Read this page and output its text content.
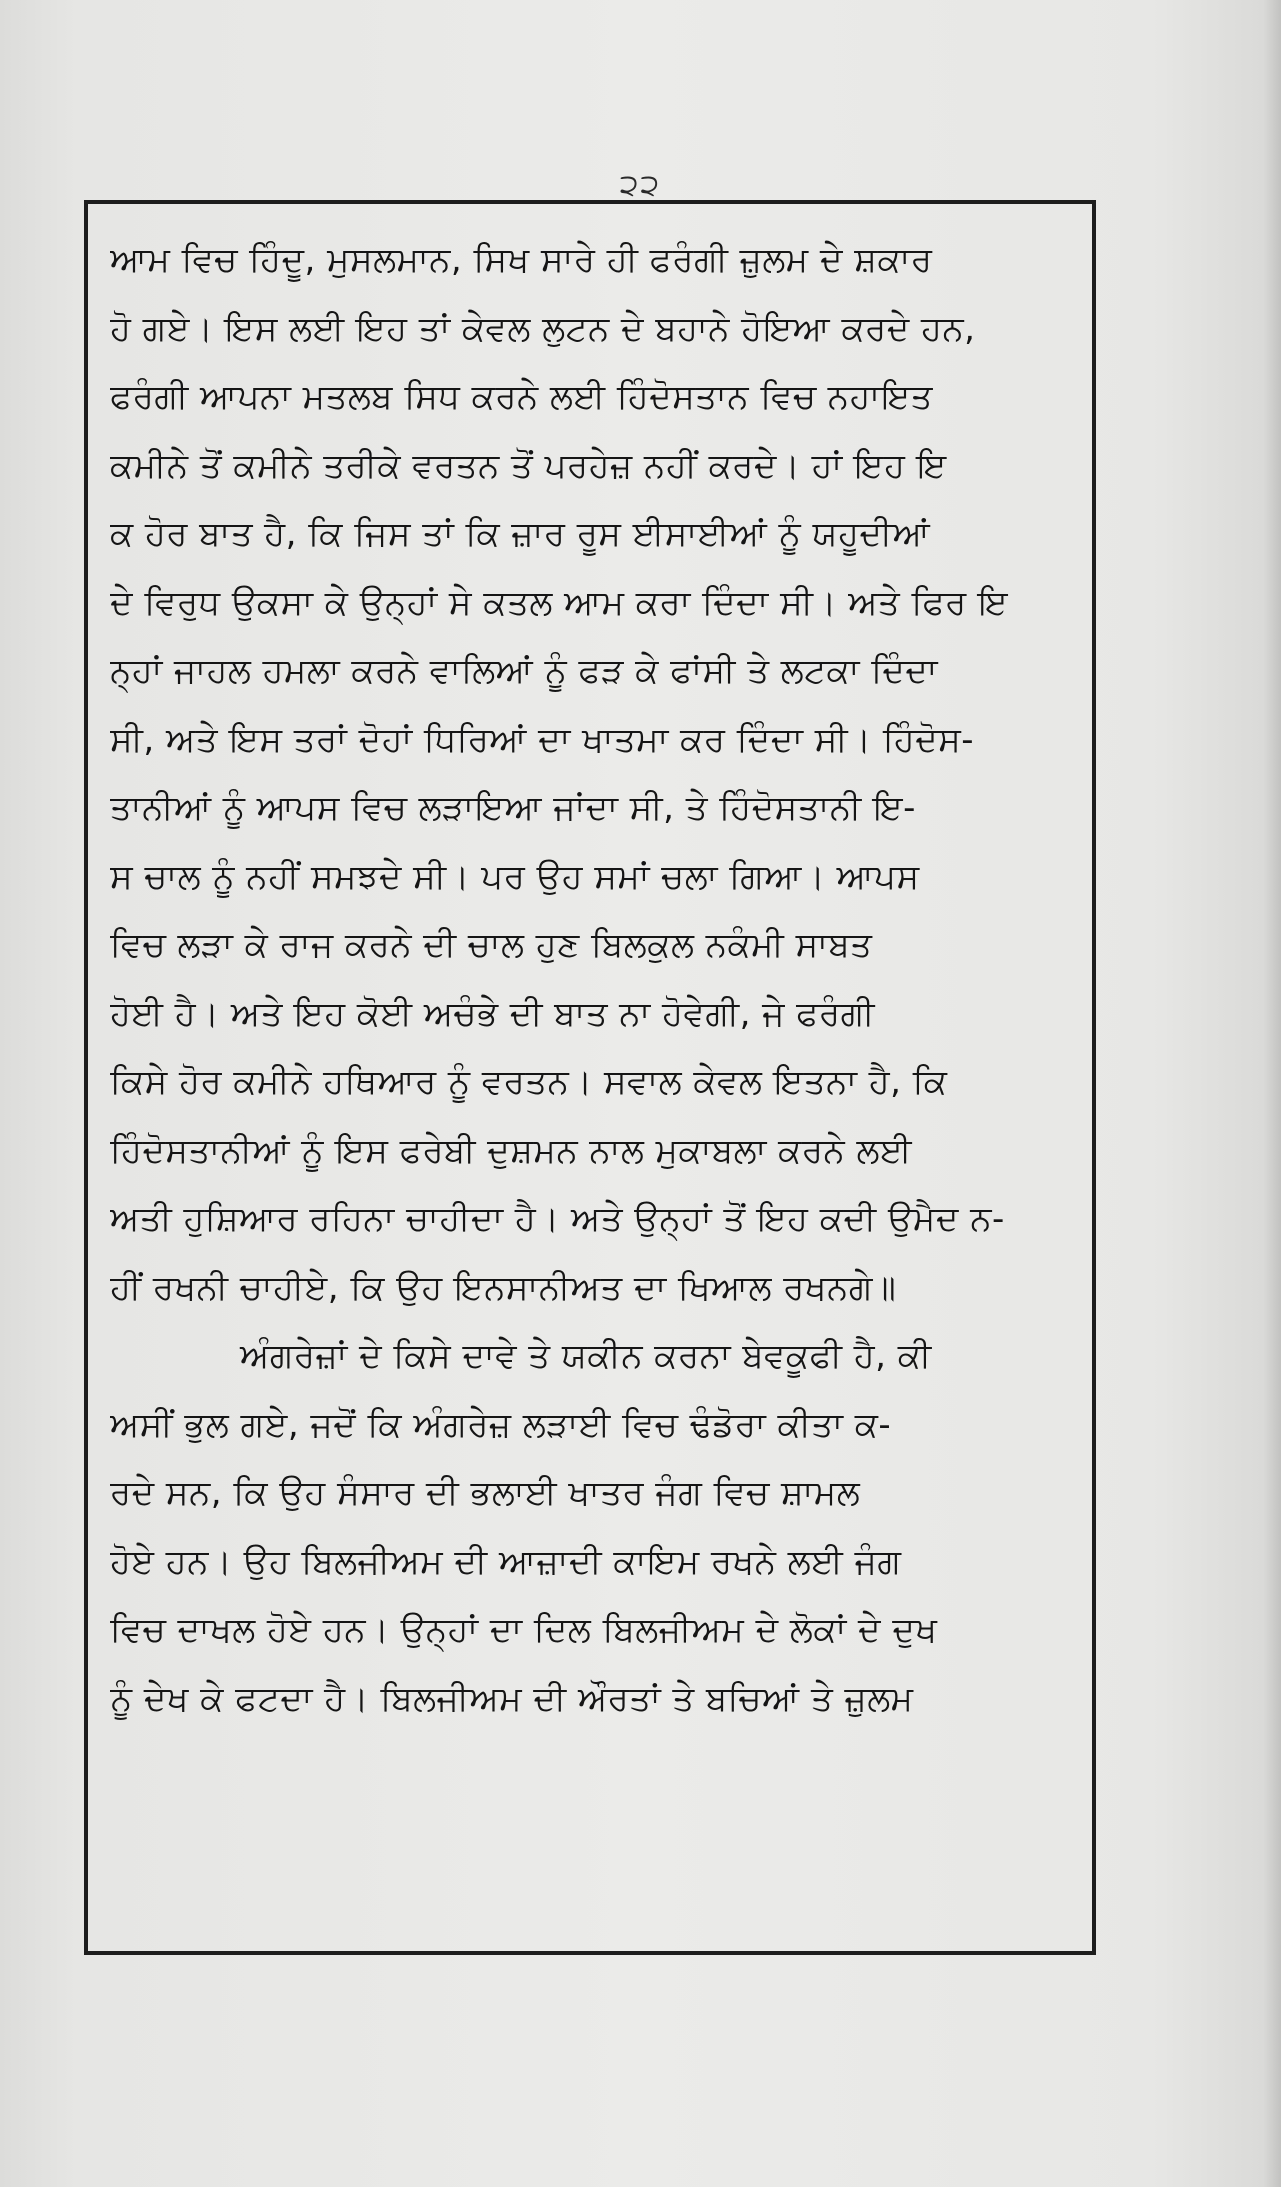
੨੨
ਆਮ ਵਿਚ ਹਿੰਦੂ, ਮੁਸਲਮਾਨ, ਸਿਖ ਸਾਰੇ ਹੀ ਫਰੰਗੀ ਜ਼ੁਲਮ ਦੇ ਸ਼ਕਾਰ
ਹੋ ਗਏ। ਇਸ ਲਈ ਇਹ ਤਾਂ ਕੇਵਲ ਲੁਟਨ ਦੇ ਬਹਾਨੇ ਹੋਇਆ ਕਰਦੇ ਹਨ,
ਫਰੰਗੀ ਆਪਨਾ ਮਤਲਬ ਸਿਧ ਕਰਨੇ ਲਈ ਹਿੰਦੋਸਤਾਨ ਵਿਚ ਨਹਾਇਤ
ਕਮੀਨੇ ਤੋਂ ਕਮੀਨੇ ਤਰੀਕੇ ਵਰਤਨ ਤੋਂ ਪਰਹੇਜ਼ ਨਹੀਂ ਕਰਦੇ। ਹਾਂ ਇਹ ਇ
ਕ ਹੋਰ ਬਾਤ ਹੈ, ਕਿ ਜਿਸ ਤਾਂ ਕਿ ਜ਼ਾਰ ਰੂਸ ਈਸਾਈਆਂ ਨੂੰ ਯਹੂਦੀਆਂ
ਦੇ ਵਿਰੁਧ ਉਕਸਾ ਕੇ ਉਨ੍ਹਾਂ ਸੇ ਕਤਲ ਆਮ ਕਰਾ ਦਿੰਦਾ ਸੀ। ਅਤੇ ਫਿਰ ਇ
ਨ੍ਹਾਂ ਜਾਹਲ ਹਮਲਾ ਕਰਨੇ ਵਾਲਿਆਂ ਨੂੰ ਫੜ ਕੇ ਫਾਂਸੀ ਤੇ ਲਟਕਾ ਦਿੰਦਾ
ਸੀ, ਅਤੇ ਇਸ ਤਰਾਂ ਦੋਹਾਂ ਧਿਰਿਆਂ ਦਾ ਖਾਤਮਾ ਕਰ ਦਿੰਦਾ ਸੀ। ਹਿੰਦੋਸ-
ਤਾਨੀਆਂ ਨੂੰ ਆਪਸ ਵਿਚ ਲੜਾਇਆ ਜਾਂਦਾ ਸੀ, ਤੇ ਹਿੰਦੋਸਤਾਨੀ ਇ-
ਸ ਚਾਲ ਨੂੰ ਨਹੀਂ ਸਮਝਦੇ ਸੀ। ਪਰ ਉਹ ਸਮਾਂ ਚਲਾ ਗਿਆ। ਆਪਸ
ਵਿਚ ਲੜਾ ਕੇ ਰਾਜ ਕਰਨੇ ਦੀ ਚਾਲ ਹੁਣ ਬਿਲਕੁਲ ਨਕੰਮੀ ਸਾਬਤ
ਹੋਈ ਹੈ। ਅਤੇ ਇਹ ਕੋਈ ਅਚੰਭੇ ਦੀ ਬਾਤ ਨਾ ਹੋਵੇਗੀ, ਜੇ ਫਰੰਗੀ
ਕਿਸੇ ਹੋਰ ਕਮੀਨੇ ਹਥਿਆਰ ਨੂੰ ਵਰਤਨ। ਸਵਾਲ ਕੇਵਲ ਇਤਨਾ ਹੈ, ਕਿ
ਹਿੰਦੋਸਤਾਨੀਆਂ ਨੂੰ ਇਸ ਫਰੇਬੀ ਦੁਸ਼ਮਨ ਨਾਲ ਮੁਕਾਬਲਾ ਕਰਨੇ ਲਈ
ਅਤੀ ਹੁਸ਼ਿਆਰ ਰਹਿਨਾ ਚਾਹੀਦਾ ਹੈ। ਅਤੇ ਉਨ੍ਹਾਂ ਤੋਂ ਇਹ ਕਦੀ ਉਮੈਦ ਨ-
ਹੀਂ ਰਖਨੀ ਚਾਹੀਏ, ਕਿ ਉਹ ਇਨਸਾਨੀਅਤ ਦਾ ਖਿਆਲ ਰਖਨਗੇ॥
ਅੰਗਰੇਜ਼ਾਂ ਦੇ ਕਿਸੇ ਦਾਵੇ ਤੇ ਯਕੀਨ ਕਰਨਾ ਬੇਵਕੂਫੀ ਹੈ, ਕੀ
ਅਸੀਂ ਭੁਲ ਗਏ, ਜਦੋਂ ਕਿ ਅੰਗਰੇਜ਼ ਲੜਾਈ ਵਿਚ ਢੰਡੋਰਾ ਕੀਤਾ ਕ-
ਰਦੇ ਸਨ, ਕਿ ਉਹ ਸੰਸਾਰ ਦੀ ਭਲਾਈ ਖਾਤਰ ਜੰਗ ਵਿਚ ਸ਼ਾਮਲ
ਹੋਏ ਹਨ। ਉਹ ਬਿਲਜੀਅਮ ਦੀ ਆਜ਼ਾਦੀ ਕਾਇਮ ਰਖਨੇ ਲਈ ਜੰਗ
ਵਿਚ ਦਾਖਲ ਹੋਏ ਹਨ। ਉਨ੍ਹਾਂ ਦਾ ਦਿਲ ਬਿਲਜੀਅਮ ਦੇ ਲੋਕਾਂ ਦੇ ਦੁਖ
ਨੂੰ ਦੇਖ ਕੇ ਫਟਦਾ ਹੈ। ਬਿਲਜੀਅਮ ਦੀ ਔਰਤਾਂ ਤੇ ਬਚਿਆਂ ਤੇ ਜ਼ੁਲਮ
